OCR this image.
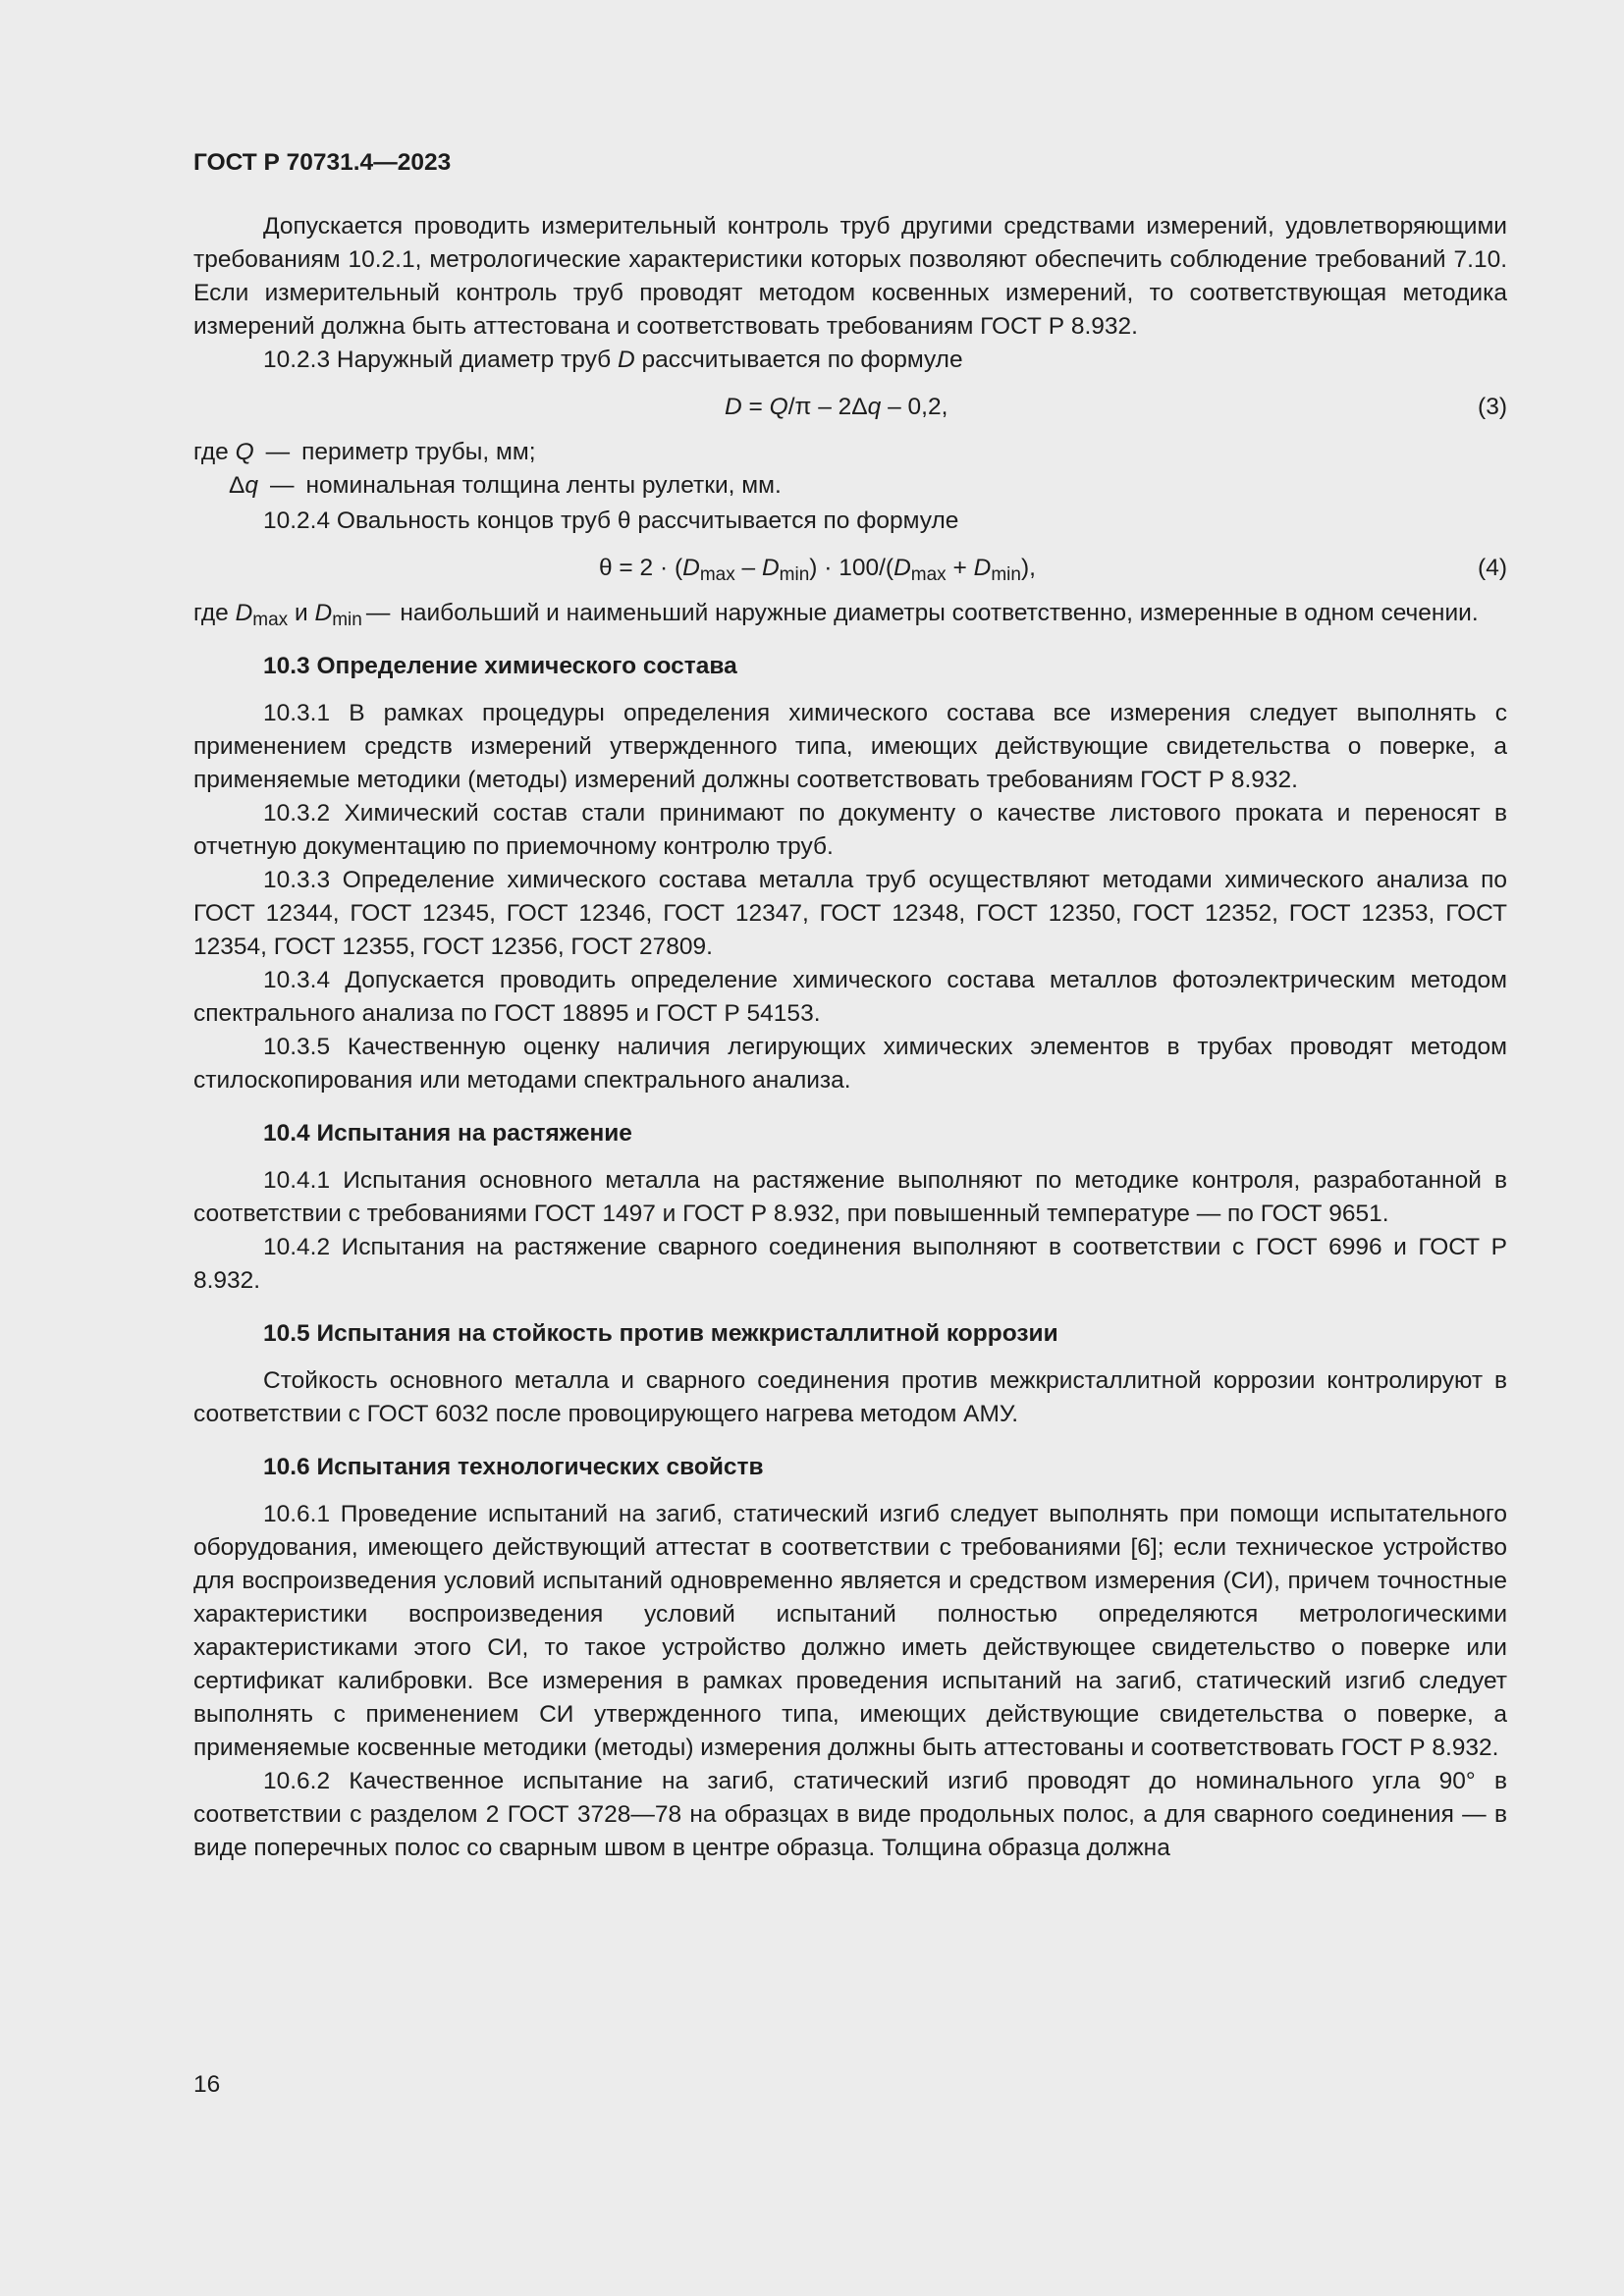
ГОСТ Р 70731.4—2023

Допускается проводить измерительный контроль труб другими средствами измерений, удовлетворяющими требованиям 10.2.1, метрологические характеристики которых позволяют обеспечить соблюдение требований 7.10. Если измерительный контроль труб проводят методом косвенных измерений, то соответствующая методика измерений должна быть аттестована и соответствовать требованиям ГОСТ Р 8.932.

10.2.3 Наружный диаметр труб D рассчитывается по формуле

D = Q/π – 2Δq – 0,2,	(3)
где Q — периметр трубы, мм;
Δq — номинальная толщина ленты рулетки, мм.

10.2.4 Овальность концов труб θ рассчитывается по формуле

$\theta = 2 \cdot (D_{max} - D_{min}) \cdot 100/(D_{max} + D_{min})$,	(4)
где $D_{max}$ и $D_{min}$ — наибольший и наименьший наружные диаметры соответственно, измеренные в одном сечении.
10.3 Определение химического состава

10.3.1 В рамках процедуры определения химического состава все измерения следует выполнять с применением средств измерений утвержденного типа, имеющих действующие свидетельства о поверке, а применяемые методики (методы) измерений должны соответствовать требованиям ГОСТ Р 8.932.

10.3.2 Химический состав стали принимают по документу о качестве листового проката и переносят в отчетную документацию по приемочному контролю труб.

10.3.3 Определение химического состава металла труб осуществляют методами химического анализа по ГОСТ 12344, ГОСТ 12345, ГОСТ 12346, ГОСТ 12347, ГОСТ 12348, ГОСТ 12350, ГОСТ 12352, ГОСТ 12353, ГОСТ 12354, ГОСТ 12355, ГОСТ 12356, ГОСТ 27809.

10.3.4 Допускается проводить определение химического состава металлов фотоэлектрическим методом спектрального анализа по ГОСТ 18895 и ГОСТ Р 54153.

10.3.5 Качественную оценку наличия легирующих химических элементов в трубах проводят методом стилоскопирования или методами спектрального анализа.

10.4 Испытания на растяжение

10.4.1 Испытания основного металла на растяжение выполняют по методике контроля, разработанной в соответствии с требованиями ГОСТ 1497 и ГОСТ Р 8.932, при повышенный температуре — по ГОСТ 9651.

10.4.2 Испытания на растяжение сварного соединения выполняют в соответствии с ГОСТ 6996 и ГОСТ Р 8.932.

10.5 Испытания на стойкость против межкристаллитной коррозии

Стойкость основного металла и сварного соединения против межкристаллитной коррозии контролируют в соответствии с ГОСТ 6032 после провоцирующего нагрева методом АМУ.

10.6 Испытания технологических свойств

10.6.1 Проведение испытаний на загиб, статический изгиб следует выполнять при помощи испытательного оборудования, имеющего действующий аттестат в соответствии с требованиями [6]; если техническое устройство для воспроизведения условий испытаний одновременно является и средством измерения (СИ), причем точностные характеристики воспроизведения условий испытаний полностью определяются метрологическими характеристиками этого СИ, то такое устройство должно иметь действующее свидетельство о поверке или сертификат калибровки. Все измерения в рамках проведения испытаний на загиб, статический изгиб следует выполнять с применением СИ утвержденного типа, имеющих действующие свидетельства о поверке, а применяемые косвенные методики (методы) измерения должны быть аттестованы и соответствовать ГОСТ Р 8.932.

10.6.2 Качественное испытание на загиб, статический изгиб проводят до номинального угла 90° в соответствии с разделом 2 ГОСТ 3728—78 на образцах в виде продольных полос, а для сварного соединения — в виде поперечных полос со сварным швом в центре образца. Толщина образца должна

16
